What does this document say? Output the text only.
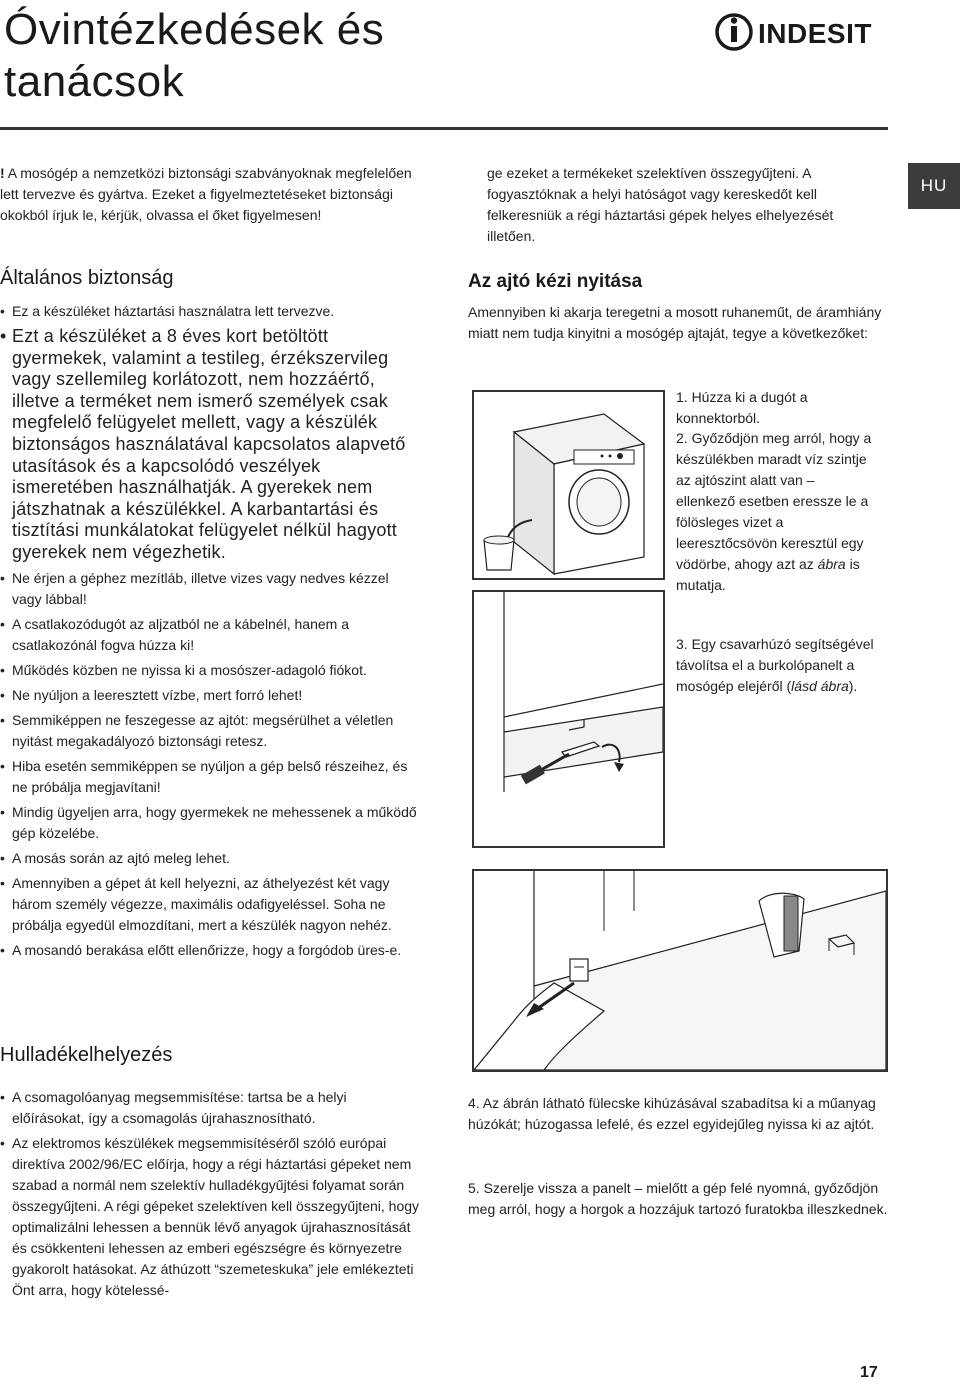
Óvintézkedések és tanácsok
INDESIT
HU
! A mosógép a nemzetközi biztonsági szabványoknak megfelelően lett tervezve és gyártva. Ezeket a figyelmeztetéseket biztonsági okokból írjuk le, kérjük, olvassa el őket figyelmesen!
Általános biztonság
• Ez a készüléket háztartási használatra lett tervezve.
• Ezt a készüléket a 8 éves kort betöltött gyermekek, valamint a testileg, érzékszervileg vagy szellemileg korlátozott, nem hozzáértő, illetve a terméket nem ismerő személyek csak megfelelő felügyelet mellett, vagy a készülék biztonságos használatával kapcsolatos alapvető utasítások és a kapcsolódó veszélyek ismeretében használhatják. A gyerekek nem játszhatnak a készülékkel. A karbantartási és tisztítási munkálatokat felügyelet nélkül hagyott gyerekek nem végezhetik.
• Ne érjen a géphez mezítláb, illetve vizes vagy nedves kézzel vagy lábbal!
• A csatlakozódugót az aljzatból ne a kábelnél, hanem a csatlakozónál fogva húzza ki!
• Működés közben ne nyissa ki a mosószer-adagoló fiókot.
• Ne nyúljon a leeresztett vízbe, mert forró lehet!
• Semmiképpen ne feszegesse az ajtót: megsérülhet a véletlen nyitást megakadályozó biztonsági retesz.
• Hiba esetén semmiképpen se nyúljon a gép belső részeihez, és ne próbálja megjavítani!
• Mindig ügyeljen arra, hogy gyermekek ne mehessenek a működő gép közelébe.
• A mosás során az ajtó meleg lehet.
• Amennyiben a gépet át kell helyezni, az áthelyezést két vagy három személy végezze, maximális odafigyeléssel. Soha ne próbálja egyedül elmozdítani, mert a készülék nagyon nehéz.
• A mosandó berakása előtt ellenőrizze, hogy a forgódob üres-e.
Hulladékelhelyezés
• A csomagolóanyag megsemmisítése: tartsa be a helyi előírásokat, így a csomagolás újrahasznosítható.
• Az elektromos készülékek megsemmisítéséről szóló európai direktíva 2002/96/EC előírja, hogy a régi háztartási gépeket nem szabad a normál nem szelektív hulladékgyűjtési folyamat során összegyűjteni. A régi gépeket szelektíven kell összegyűjteni, hogy optimalizálni lehessen a bennük lévő anyagok újrahasznosítását és csökkenteni lehessen az emberi egészségre és környezetre gyakorolt hatásokat. Az áthúzott “szemeteskuka” jele emlékezteti Önt arra, hogy kötelessé-
ge ezeket a termékeket szelektíven összegyűjteni. A fogyasztóknak a helyi hatóságot vagy kereskedőt kell felkeresniük a régi háztartási gépek helyes elhelyezését illetően.
Az ajtó kézi nyitása
Amennyiben ki akarja teregetni a mosott ruhaneműt, de áramhiány miatt nem tudja kinyitni a mosógép ajtaját, tegye a következőket:
1. Húzza ki a dugót a konnektorból.
2. Győződjön meg arról, hogy a készülékben maradt víz szintje az ajtószint alatt van – ellenkező esetben eressze le a fölösleges vizet a leeresztőcsövön keresztül egy vödörbe, ahogy azt az ábra is mutatja.
3. Egy csavarhúzó segítségével távolítsa el a burkolópanelt a mosógép elejéről (lásd ábra).
4. Az ábrán látható fülecske kihúzásával szabadítsa ki a műanyag húzókát; húzogassa lefelé, és ezzel egyidejűleg nyissa ki az ajtót.
5. Szerelje vissza a panelt – mielőtt a gép felé nyomná, győződjön meg arról, hogy a horgok a hozzájuk tartozó furatokba illeszkednek.
17
